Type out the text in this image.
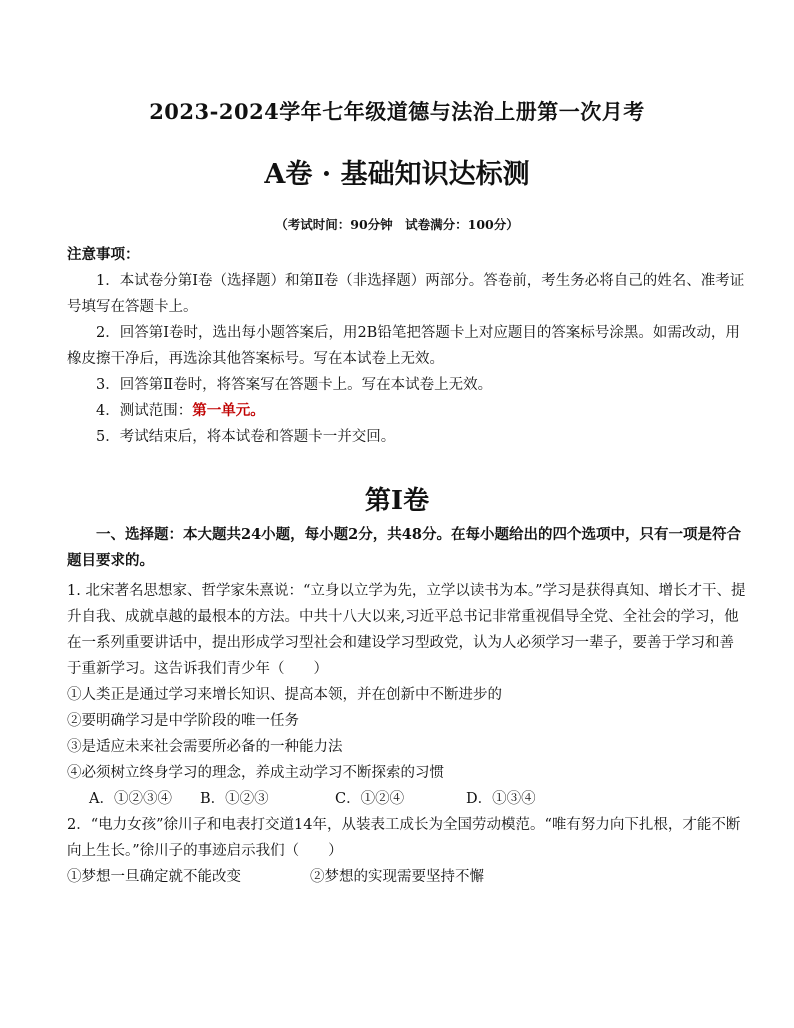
2023-2024学年七年级道德与法治上册第一次月考
A卷 · 基础知识达标测
（考试时间：90分钟　试卷满分：100分）
注意事项：

1．本试卷分第Ⅰ卷（选择题）和第Ⅱ卷（非选择题）两部分。答卷前，考生务必将自己的姓名、准考证号填写在答题卡上。

2．回答第Ⅰ卷时，选出每小题答案后，用2B铅笔把答题卡上对应题目的答案标号涂黑。如需改动，用橡皮擦干净后，再选涂其他答案标号。写在本试卷上无效。

3．回答第Ⅱ卷时，将答案写在答题卡上。写在本试卷上无效。

4．测试范围：第一单元。

5．考试结束后，将本试卷和答题卡一并交回。

第Ⅰ卷
一、选择题：本大题共24小题，每小题2分，共48分。在每小题给出的四个选项中，只有一项是符合题目要求的。

1. 北宋著名思想家、哲学家朱熹说：“立身以立学为先，立学以读书为本。”学习是获得真知、增长才干、提升自我、成就卓越的最根本的方法。中共十八大以来,习近平总书记非常重视倡导全党、全社会的学习，他在一系列重要讲话中，提出形成学习型社会和建设学习型政党，认为人必须学习一辈子，要善于学习和善于重新学习。这告诉我们青少年（　　）

①人类正是通过学习来增长知识、提高本领，并在创新中不断进步的

②要明确学习是中学阶段的唯一任务

③是适应未来社会需要所必备的一种能力法

④必须树立终身学习的理念，养成主动学习不断探索的习惯

A．①②③④	B．①②③	C．①②④	D．①③④

2．“电力女孩”徐川子和电表打交道14年，从装表工成长为全国劳动模范。“唯有努力向下扎根，才能不断向上生长。”徐川子的事迹启示我们（　　）

①梦想一旦确定就不能改变	②梦想的实现需要坚持不懈
